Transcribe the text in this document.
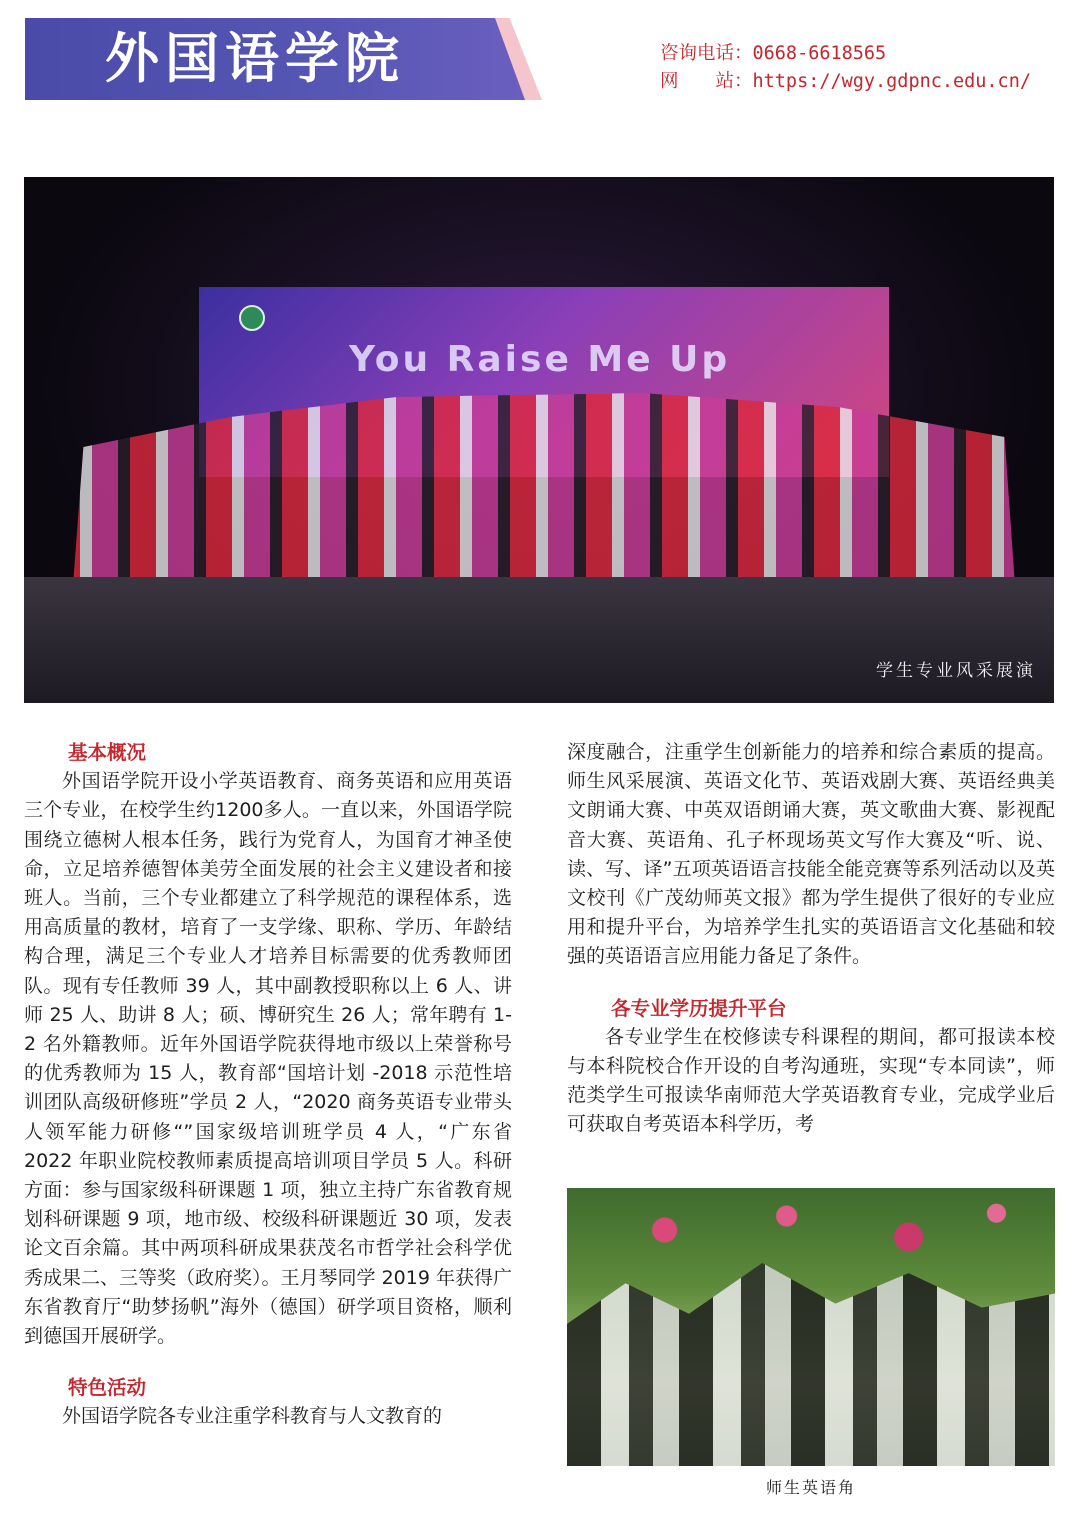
外国语学院	咨询电话：0668-6618565
网　　站：https://wgy.gdpnc.edu.cn/
You Raise Me Up
学生专业风采展演
基本概况
外国语学院开设小学英语教育、商务英语和应用英语三个专业，在校学生约1200多人。一直以来，外国语学院围绕立德树人根本任务，践行为党育人，为国育才神圣使命，立足培养德智体美劳全面发展的社会主义建设者和接班人。当前，三个专业都建立了科学规范的课程体系，选用高质量的教材，培育了一支学缘、职称、学历、年龄结构合理，满足三个专业人才培养目标需要的优秀教师团队。现有专任教师 39 人，其中副教授职称以上 6 人、讲师 25 人、助讲 8 人；硕、博研究生 26 人；常年聘有 1-2 名外籍教师。近年外国语学院获得地市级以上荣誉称号的优秀教师为 15 人，教育部“国培计划 -2018 示范性培训团队高级研修班”学员 2 人，“2020 商务英语专业带头人领军能力研修“”国家级培训班学员 4 人，“广东省 2022 年职业院校教师素质提高培训项目学员 5 人。科研方面：参与国家级科研课题 1 项，独立主持广东省教育规划科研课题 9 项，地市级、校级科研课题近 30 项，发表论文百余篇。其中两项科研成果获茂名市哲学社会科学优秀成果二、三等奖（政府奖）。王月琴同学 2019 年获得广东省教育厅“助梦扬帆”海外（德国）研学项目资格，顺利到德国开展研学。
特色活动
外国语学院各专业注重学科教育与人文教育的
深度融合，注重学生创新能力的培养和综合素质的提高。师生风采展演、英语文化节、英语戏剧大赛、英语经典美文朗诵大赛、中英双语朗诵大赛，英文歌曲大赛、影视配音大赛、英语角、孔子杯现场英文写作大赛及“听、说、读、写、译”五项英语语言技能全能竞赛等系列活动以及英文校刊《广茂幼师英文报》都为学生提供了很好的专业应用和提升平台，为培养学生扎实的英语语言文化基础和较强的英语语言应用能力备足了条件。
各专业学历提升平台
各专业学生在校修读专科课程的期间，都可报读本校与本科院校合作开设的自考沟通班，实现“专本同读”，师范类学生可报读华南师范大学英语教育专业，完成学业后可获取自考英语本科学历，考
师生英语角
